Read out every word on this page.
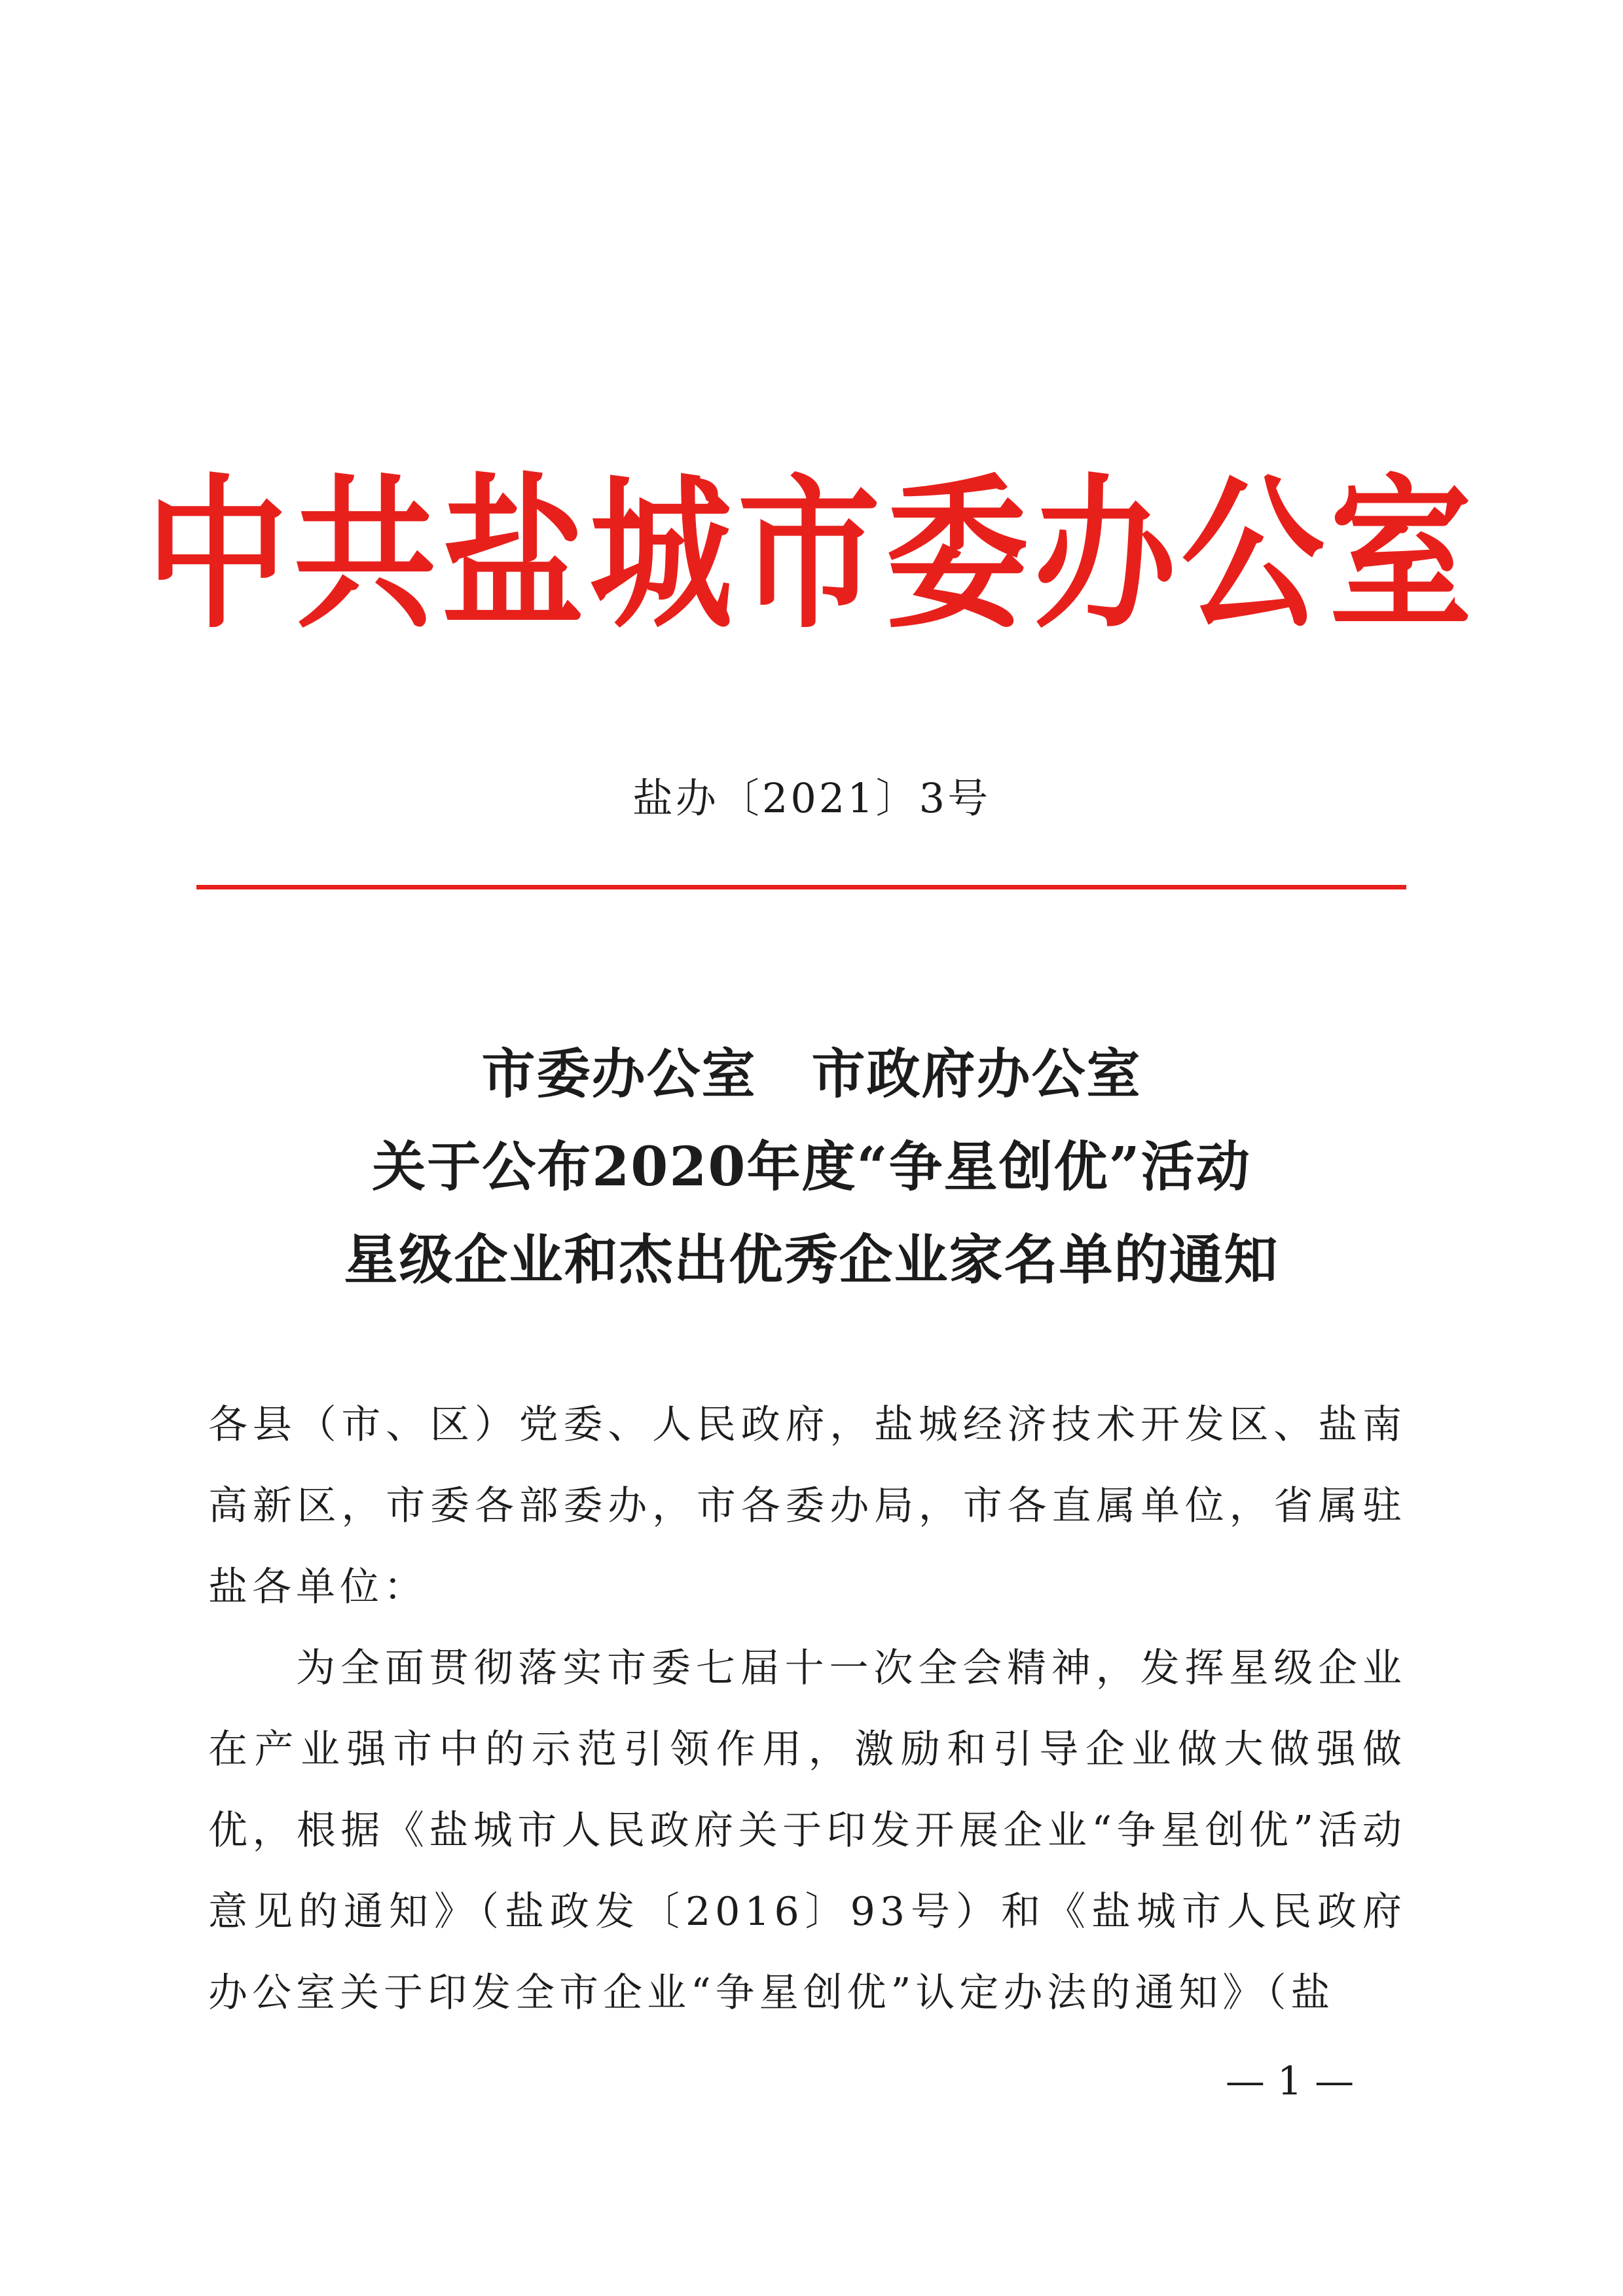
中共盐城市委办公室
盐办〔2021〕3号
市委办公室　市政府办公室
关于公布2020年度“争星创优”活动
星级企业和杰出优秀企业家名单的通知

各县（市、区）党委、人民政府，盐城经济技术开发区、盐南高新区，市委各部委办，市各委办局，市各直属单位，省属驻盐各单位：

为全面贯彻落实市委七届十一次全会精神，发挥星级企业在产业强市中的示范引领作用，激励和引导企业做大做强做优，根据《盐城市人民政府关于印发开展企业“争星创优”活动意见的通知》（盐政发〔2016〕93号）和《盐城市人民政府办公室关于印发全市企业“争星创优”认定办法的通知》（盐

— 1 —
